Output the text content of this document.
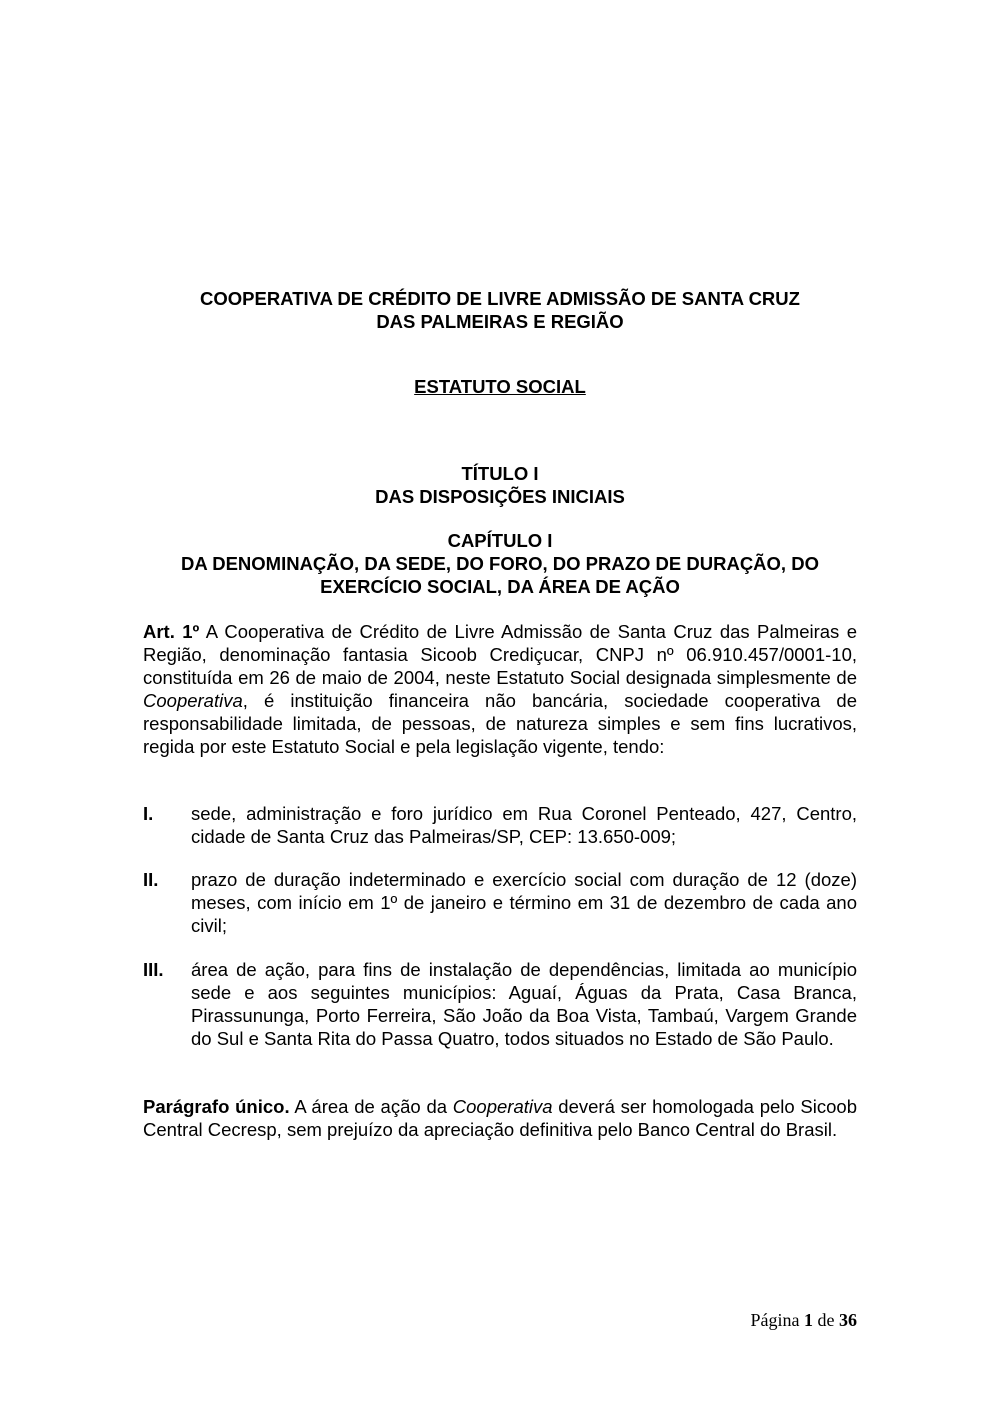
COOPERATIVA DE CRÉDITO DE LIVRE ADMISSÃO DE SANTA CRUZ
DAS PALMEIRAS E REGIÃO
ESTATUTO SOCIAL
TÍTULO I
DAS DISPOSIÇÕES INICIAIS
CAPÍTULO I
DA DENOMINAÇÃO, DA SEDE, DO FORO, DO PRAZO DE DURAÇÃO, DO
EXERCÍCIO SOCIAL, DA ÁREA DE AÇÃO
Art. 1º A Cooperativa de Crédito de Livre Admissão de Santa Cruz das Palmeiras e Região, denominação fantasia Sicoob Crediçucar, CNPJ nº 06.910.457/0001-10, constituída em 26 de maio de 2004, neste Estatuto Social designada simplesmente de Cooperativa, é instituição financeira não bancária, sociedade cooperativa de responsabilidade limitada, de pessoas, de natureza simples e sem fins lucrativos, regida por este Estatuto Social e pela legislação vigente, tendo:
I. sede, administração e foro jurídico em Rua Coronel Penteado, 427, Centro, cidade de Santa Cruz das Palmeiras/SP, CEP: 13.650-009;
II. prazo de duração indeterminado e exercício social com duração de 12 (doze) meses, com início em 1º de janeiro e término em 31 de dezembro de cada ano civil;
III. área de ação, para fins de instalação de dependências, limitada ao município sede e aos seguintes municípios: Aguaí, Águas da Prata, Casa Branca, Pirassununga, Porto Ferreira, São João da Boa Vista, Tambaú, Vargem Grande do Sul e Santa Rita do Passa Quatro, todos situados no Estado de São Paulo.
Parágrafo único. A área de ação da Cooperativa deverá ser homologada pelo Sicoob Central Cecresp, sem prejuízo da apreciação definitiva pelo Banco Central do Brasil.
Página 1 de 36
